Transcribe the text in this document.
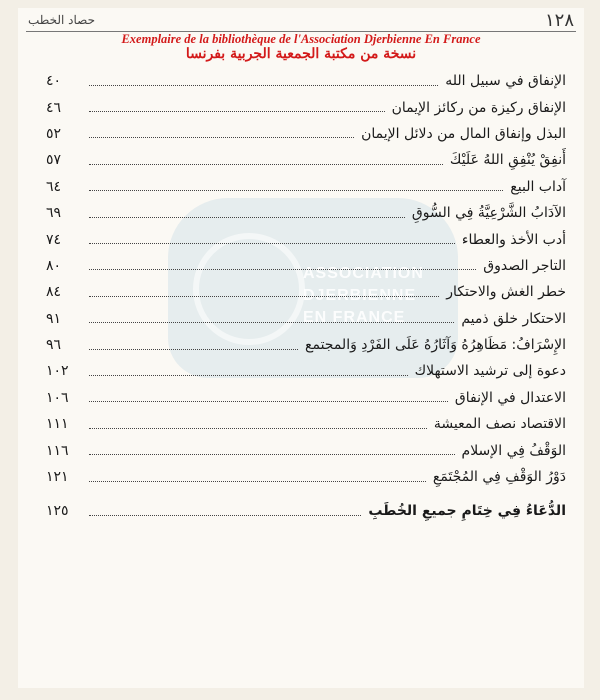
١٢٨
حصاد الخطب
Exemplaire de la bibliothèque de l'Association Djerbienne En France
نسخة من مكتبة الجمعية الجربية بفرنسا
ASSOCIATION
DJERBIENNE
EN FRANCE
الإنفاق في سبيل الله
٤٠
الإنفاق ركيزة من ركائز الإيمان
٤٦
البذل وإنفاق المال من دلائل الإيمان
٥٢
أَنفِقْ يُنْفِقِ اللهُ عَلَيْكَ
٥٧
آداب البيع
٦٤
الآدَابُ الشَّرْعِيَّةُ فِي السُّوقِ
٦٩
أدب الأخذ والعطاء
٧٤
التاجر الصدوق
٨٠
خطر الغش والاحتكار
٨٤
الاحتكار خلق ذميم
٩١
الإِسْرَافُ: مَظَاهِرُهُ وَآثَارُهُ عَلَى الفَرْدِ وَالمجتمع
٩٦
دعوة إلى ترشيد الاستهلاك
١٠٢
الاعتدال في الإنفاق
١٠٦
الاقتصاد نصف المعيشة
١١١
الوَقْفُ فِي الإسلام
١١٦
دَوْرُ الوَقْفِ فِي المُجْتَمَعِ
١٢١
الدُّعَاءُ فِي خِتَامِ جميعِ الخُطَبِ
١٢٥
